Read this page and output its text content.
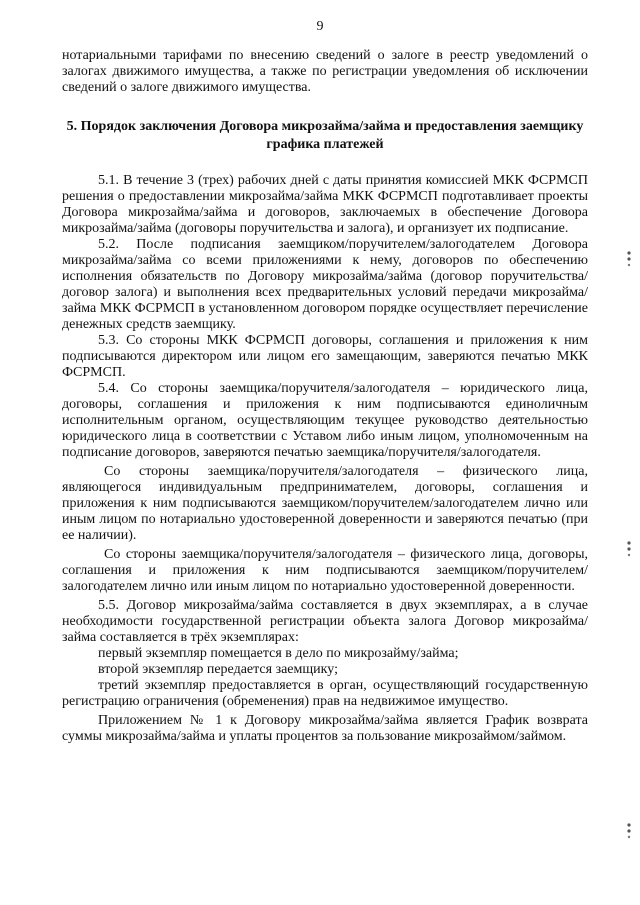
9

нотариальными тарифами по внесению сведений о залоге в реестр уведомлений о залогах движимого имущества, а также по регистрации уведомления об исключении сведений о залоге движимого имущества.

5. Порядок заключения Договора микрозайма/займа и предоставления заемщику графика платежей

5.1. В течение 3 (трех) рабочих дней с даты принятия комиссией МКК ФСРМСП решения о предоставлении микрозайма/займа МКК ФСРМСП подготавливает проекты Договора микрозайма/займа и договоров, заключаемых в обеспечение Договора микрозайма/займа (договоры поручительства и залога), и организует их подписание.

5.2. После подписания заемщиком/поручителем/залогодателем Договора микрозайма/займа со всеми приложениями к нему, договоров по обеспечению исполнения обязательств по Договору микрозайма/займа (договор поручительства/договор залога) и выполнения всех предварительных условий передачи микрозайма/займа МКК ФСРМСП в установленном договором порядке осуществляет перечисление денежных средств заемщику.

5.3. Со стороны МКК ФСРМСП договоры, соглашения и приложения к ним подписываются директором или лицом его замещающим, заверяются печатью МКК ФСРМСП.

5.4. Со стороны заемщика/поручителя/залогодателя – юридического лица, договоры, соглашения и приложения к ним подписываются единоличным исполнительным органом, осуществляющим текущее руководство деятельностью юридического лица в соответствии с Уставом либо иным лицом, уполномоченным на подписание договоров, заверяются печатью заемщика/поручителя/залогодателя.

Со стороны заемщика/поручителя/залогодателя – физического лица, являющегося индивидуальным предпринимателем, договоры, соглашения и приложения к ним подписываются заемщиком/поручителем/залогодателем лично или иным лицом по нотариально удостоверенной доверенности и заверяются печатью (при ее наличии).

Со стороны заемщика/поручителя/залогодателя – физического лица, договоры, соглашения и приложения к ним подписываются заемщиком/поручителем/залогодателем лично или иным лицом по нотариально удостоверенной доверенности.

5.5. Договор микрозайма/займа составляется в двух экземплярах, а в случае необходимости государственной регистрации объекта залога Договор микрозайма/займа составляется в трёх экземплярах:

первый экземпляр помещается в дело по микрозайму/займа;

второй экземпляр передается заемщику;

третий экземпляр предоставляется в орган, осуществляющий государственную регистрацию ограничения (обременения) прав на недвижимое имущество.

Приложением № 1 к Договору микрозайма/займа является График возврата суммы микрозайма/займа и уплаты процентов за пользование микрозаймом/займом.
